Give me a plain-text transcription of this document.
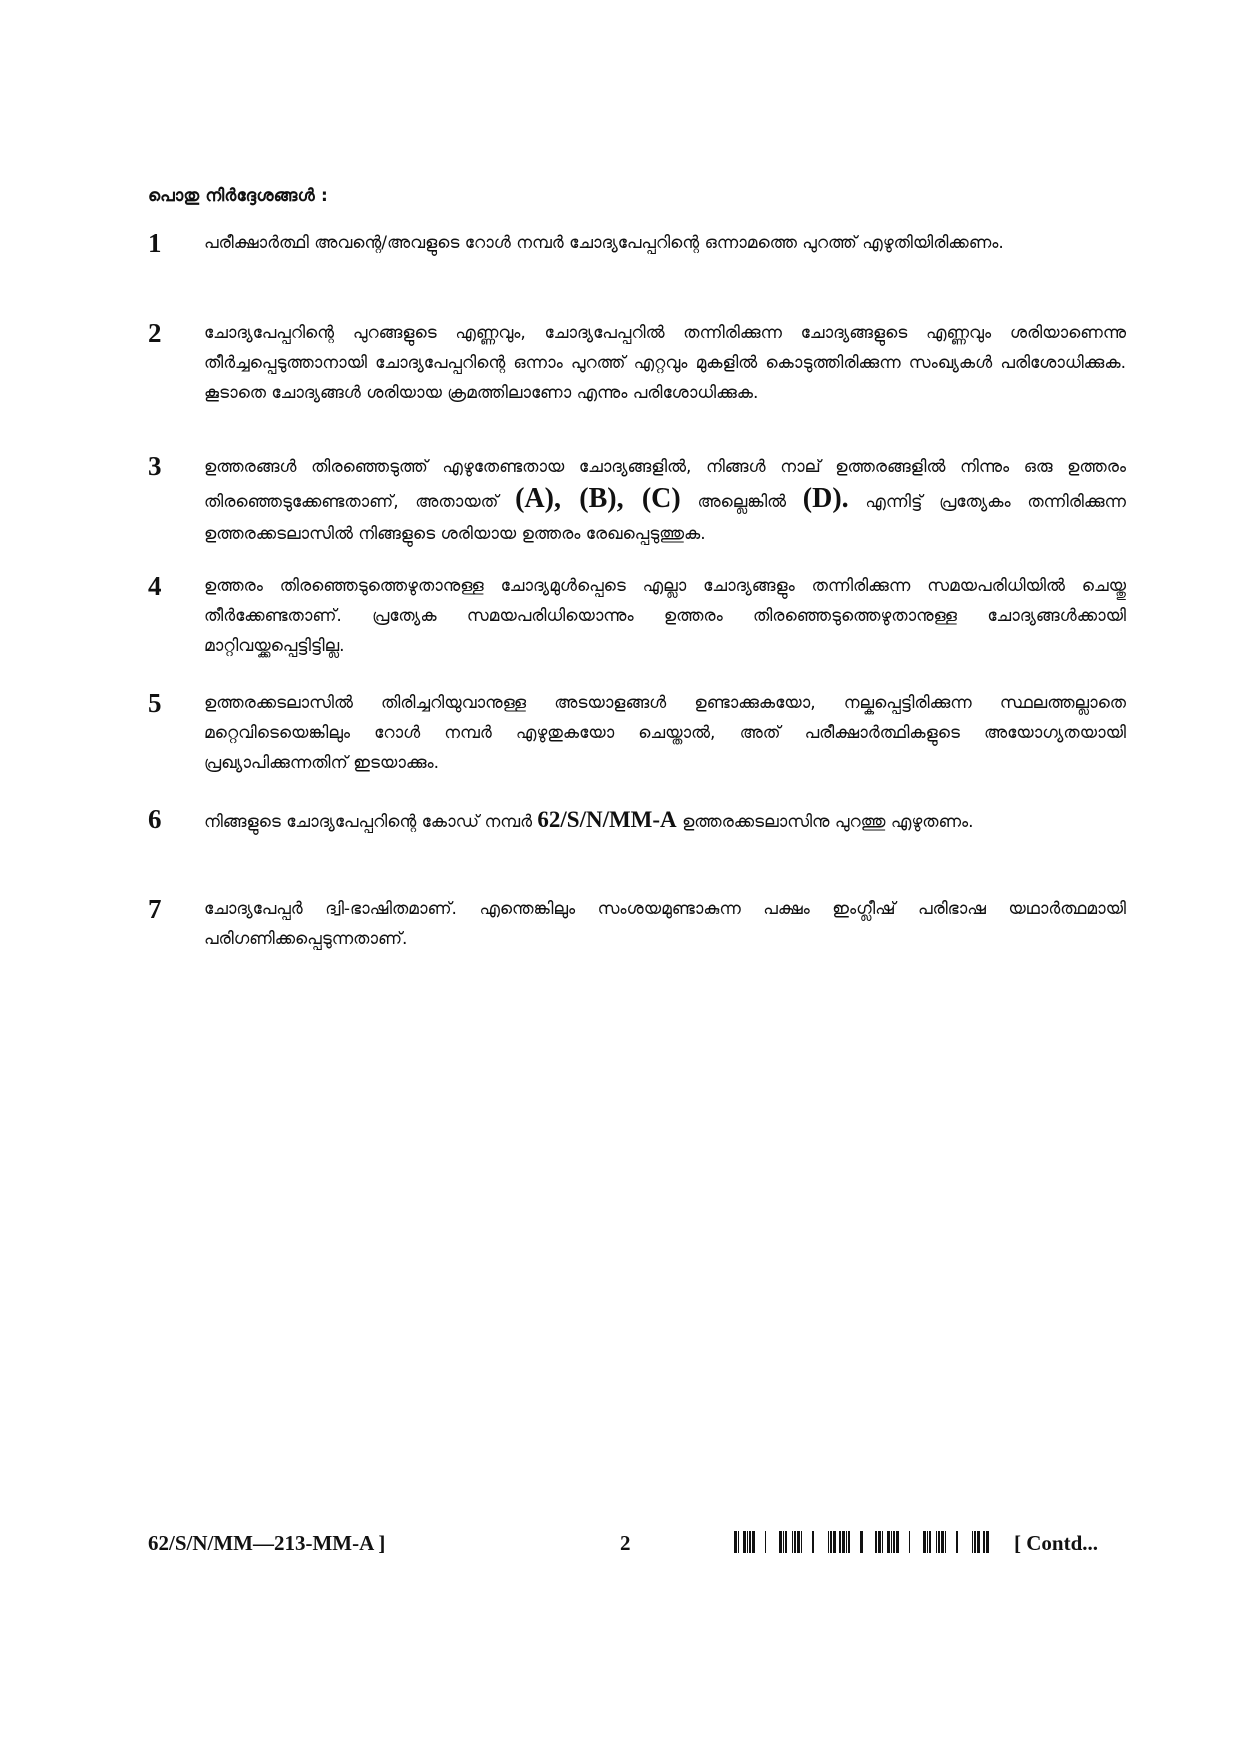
പൊതു നിർദ്ദേശങ്ങൾ :
1	പരീക്ഷാർത്ഥി അവന്റെ/അവളുടെ റോൾ നമ്പർ ചോദ്യപേപ്പറിന്റെ ഒന്നാമത്തെ പുറത്ത് എഴുതിയിരിക്കണം.
2	ചോദ്യപേപ്പറിന്റെ പുറങ്ങളുടെ എണ്ണവും, ചോദ്യപേപ്പറിൽ തന്നിരിക്കുന്ന ചോദ്യങ്ങളുടെ എണ്ണവും ശരിയാണെന്നു തീർച്ചപ്പെടുത്താനായി ചോദ്യപേപ്പറിന്റെ ഒന്നാം പുറത്ത് എറ്റവും മുകളിൽ കൊടുത്തിരിക്കുന്ന സംഖ്യകൾ പരിശോധിക്കുക. കൂടാതെ ചോദ്യങ്ങൾ ശരിയായ ക്രമത്തിലാണോ എന്നും പരിശോധിക്കുക.
3	ഉത്തരങ്ങൾ തിരഞ്ഞെടുത്ത് എഴുതേണ്ടതായ ചോദ്യങ്ങളിൽ, നിങ്ങൾ നാല് ഉത്തരങ്ങളിൽ നിന്നും ഒരു ഉത്തരം തിരഞ്ഞെടുക്കേണ്ടതാണ്, അതായത് (A), (B), (C) അല്ലെങ്കിൽ (D). എന്നിട്ട് പ്രത്യേകം തന്നിരിക്കുന്ന ഉത്തരക്കടലാസിൽ നിങ്ങളുടെ ശരിയായ ഉത്തരം രേഖപ്പെടുത്തുക.
4	ഉത്തരം തിരഞ്ഞെടുത്തെഴുതാനുള്ള ചോദ്യമുൾപ്പെടെ എല്ലാ ചോദ്യങ്ങളും തന്നിരിക്കുന്ന സമയപരിധിയിൽ ചെയ്തു തീർക്കേണ്ടതാണ്. പ്രത്യേക സമയപരിധിയൊന്നും ഉത്തരം തിരഞ്ഞെടുത്തെഴുതാനുള്ള ചോദ്യങ്ങൾക്കായി മാറ്റിവയ്ക്കപ്പെട്ടിട്ടില്ല.
5	ഉത്തരക്കടലാസിൽ തിരിച്ചറിയുവാനുള്ള അടയാളങ്ങൾ ഉണ്ടാക്കുകയോ, നല്കപ്പെട്ടിരിക്കുന്ന സ്ഥലത്തല്ലാതെ മറ്റെവിടെയെങ്കിലും റോൾ നമ്പർ എഴുതുകയോ ചെയ്താൽ, അത് പരീക്ഷാർത്ഥികളുടെ അയോഗ്യതയായി പ്രഖ്യാപിക്കുന്നതിന് ഇടയാക്കും.
6	നിങ്ങളുടെ ചോദ്യപേപ്പറിന്റെ കോഡ് നമ്പർ 62/S/N/MM-A ഉത്തരക്കടലാസിനു പുറത്തു എഴുതണം.
7	ചോദ്യപേപ്പർ ദ്വി-ഭാഷിതമാണ്. എന്തെങ്കിലും സംശയമുണ്ടാകുന്ന പക്ഷം ഇംഗ്ലീഷ് പരിഭാഷ യഥാർത്ഥമായി പരിഗണിക്കപ്പെടുന്നതാണ്.
62/S/N/MM—213-MM-A ]	2	[ Contd...
